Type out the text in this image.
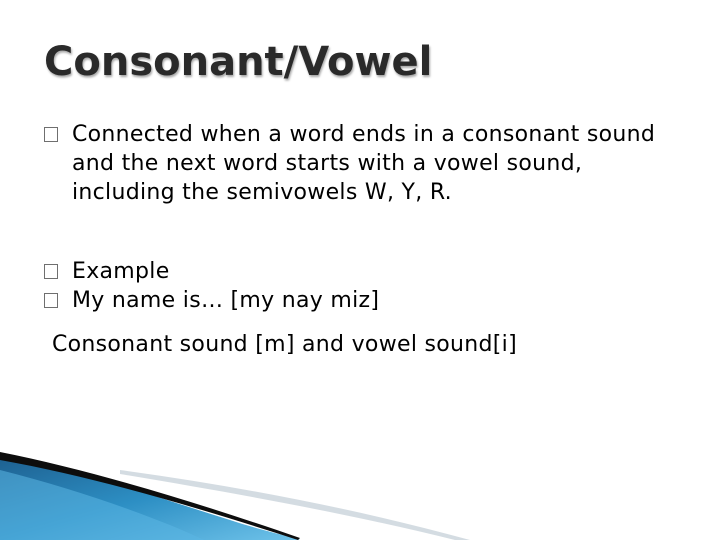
Consonant/Vowel
Connected when a word ends in a consonant sound and the next word starts with a vowel sound, including the semivowels W, Y, R.
Example
My name is… [my nay miz]
Consonant sound [m] and vowel sound[i]
